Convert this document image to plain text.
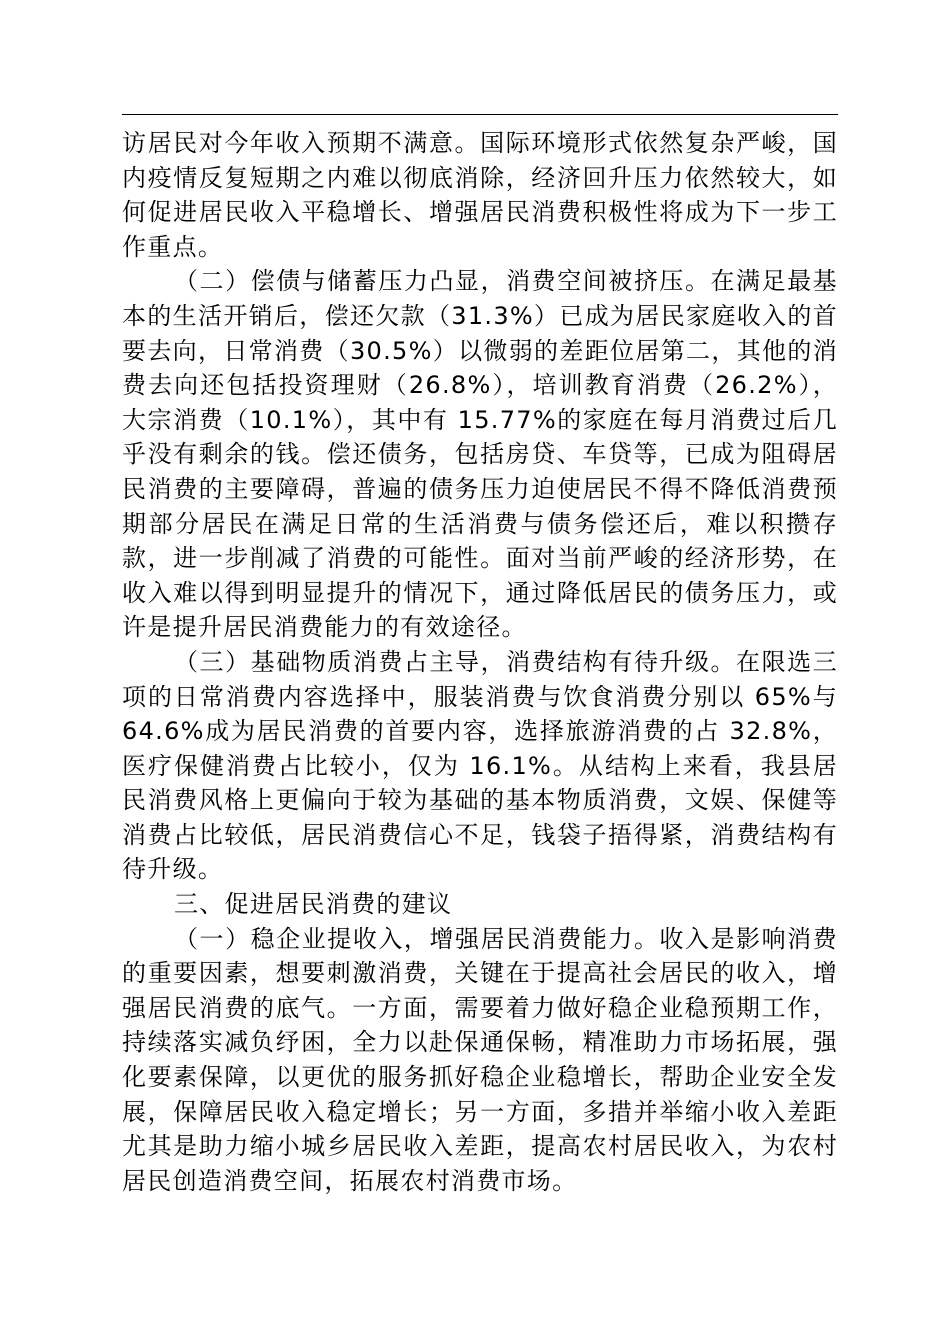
访居民对今年收入预期不满意。国际环境形式依然复杂严峻，国内疫情反复短期之内难以彻底消除，经济回升压力依然较大，如何促进居民收入平稳增长、增强居民消费积极性将成为下一步工作重点。

（二）偿债与储蓄压力凸显，消费空间被挤压。在满足最基本的生活开销后，偿还欠款（31.3%）已成为居民家庭收入的首要去向，日常消费（30.5%）以微弱的差距位居第二，其他的消费去向还包括投资理财（26.8%），培训教育消费（26.2%），大宗消费（10.1%），其中有 15.77%的家庭在每月消费过后几乎没有剩余的钱。偿还债务，包括房贷、车贷等，已成为阻碍居民消费的主要障碍，普遍的债务压力迫使居民不得不降低消费预期部分居民在满足日常的生活消费与债务偿还后，难以积攒存款，进一步削减了消费的可能性。面对当前严峻的经济形势，在收入难以得到明显提升的情况下，通过降低居民的债务压力，或许是提升居民消费能力的有效途径。

（三）基础物质消费占主导，消费结构有待升级。在限选三项的日常消费内容选择中，服装消费与饮食消费分别以 65%与 64.6%成为居民消费的首要内容，选择旅游消费的占 32.8%，医疗保健消费占比较小，仅为 16.1%。从结构上来看，我县居民消费风格上更偏向于较为基础的基本物质消费，文娱、保健等消费占比较低，居民消费信心不足，钱袋子捂得紧，消费结构有待升级。

三、促进居民消费的建议

（一）稳企业提收入，增强居民消费能力。收入是影响消费的重要因素，想要刺激消费，关键在于提高社会居民的收入，增强居民消费的底气。一方面，需要着力做好稳企业稳预期工作，持续落实减负纾困，全力以赴保通保畅，精准助力市场拓展，强化要素保障，以更优的服务抓好稳企业稳增长，帮助企业安全发展，保障居民收入稳定增长；另一方面，多措并举缩小收入差距尤其是助力缩小城乡居民收入差距，提高农村居民收入，为农村居民创造消费空间，拓展农村消费市场。
